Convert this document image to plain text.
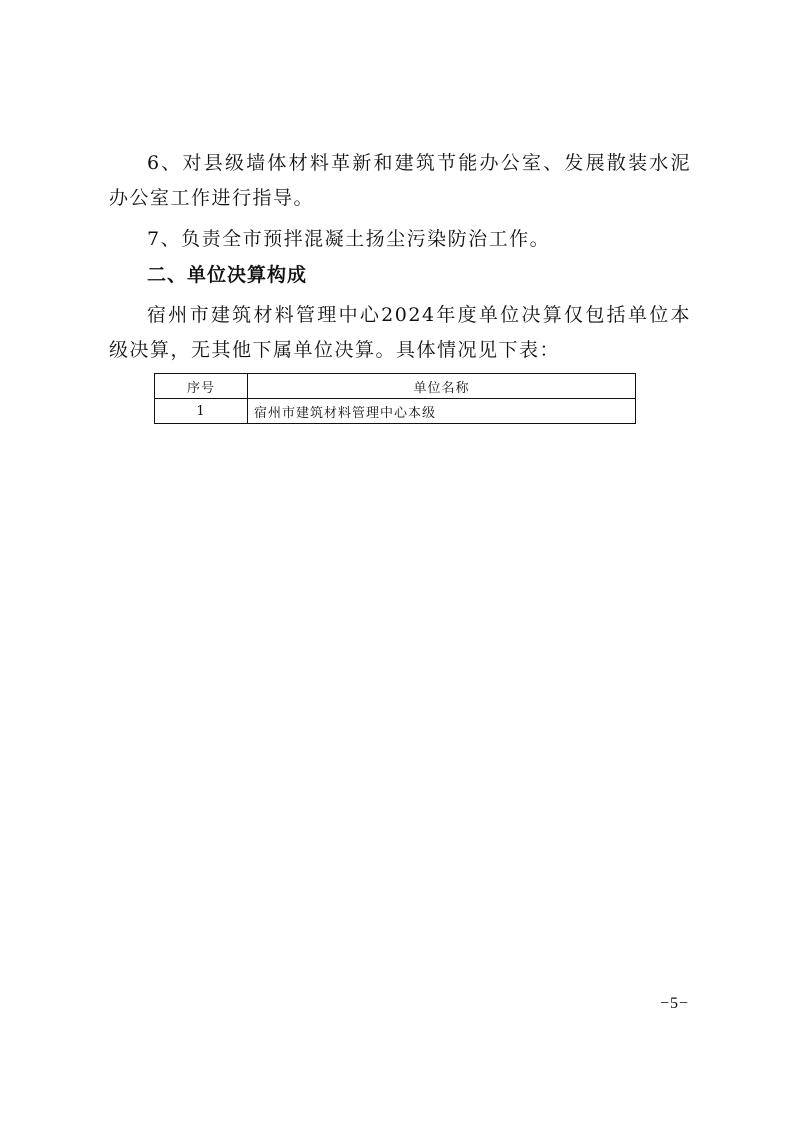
6、对县级墙体材料革新和建筑节能办公室、发展散装水泥办公室工作进行指导。

7、负责全市预拌混凝土扬尘污染防治工作。

二、单位决算构成

宿州市建筑材料管理中心2024年度单位决算仅包括单位本级决算，无其他下属单位决算。具体情况见下表：

序号	单位名称
1	宿州市建筑材料管理中心本级
−5−
